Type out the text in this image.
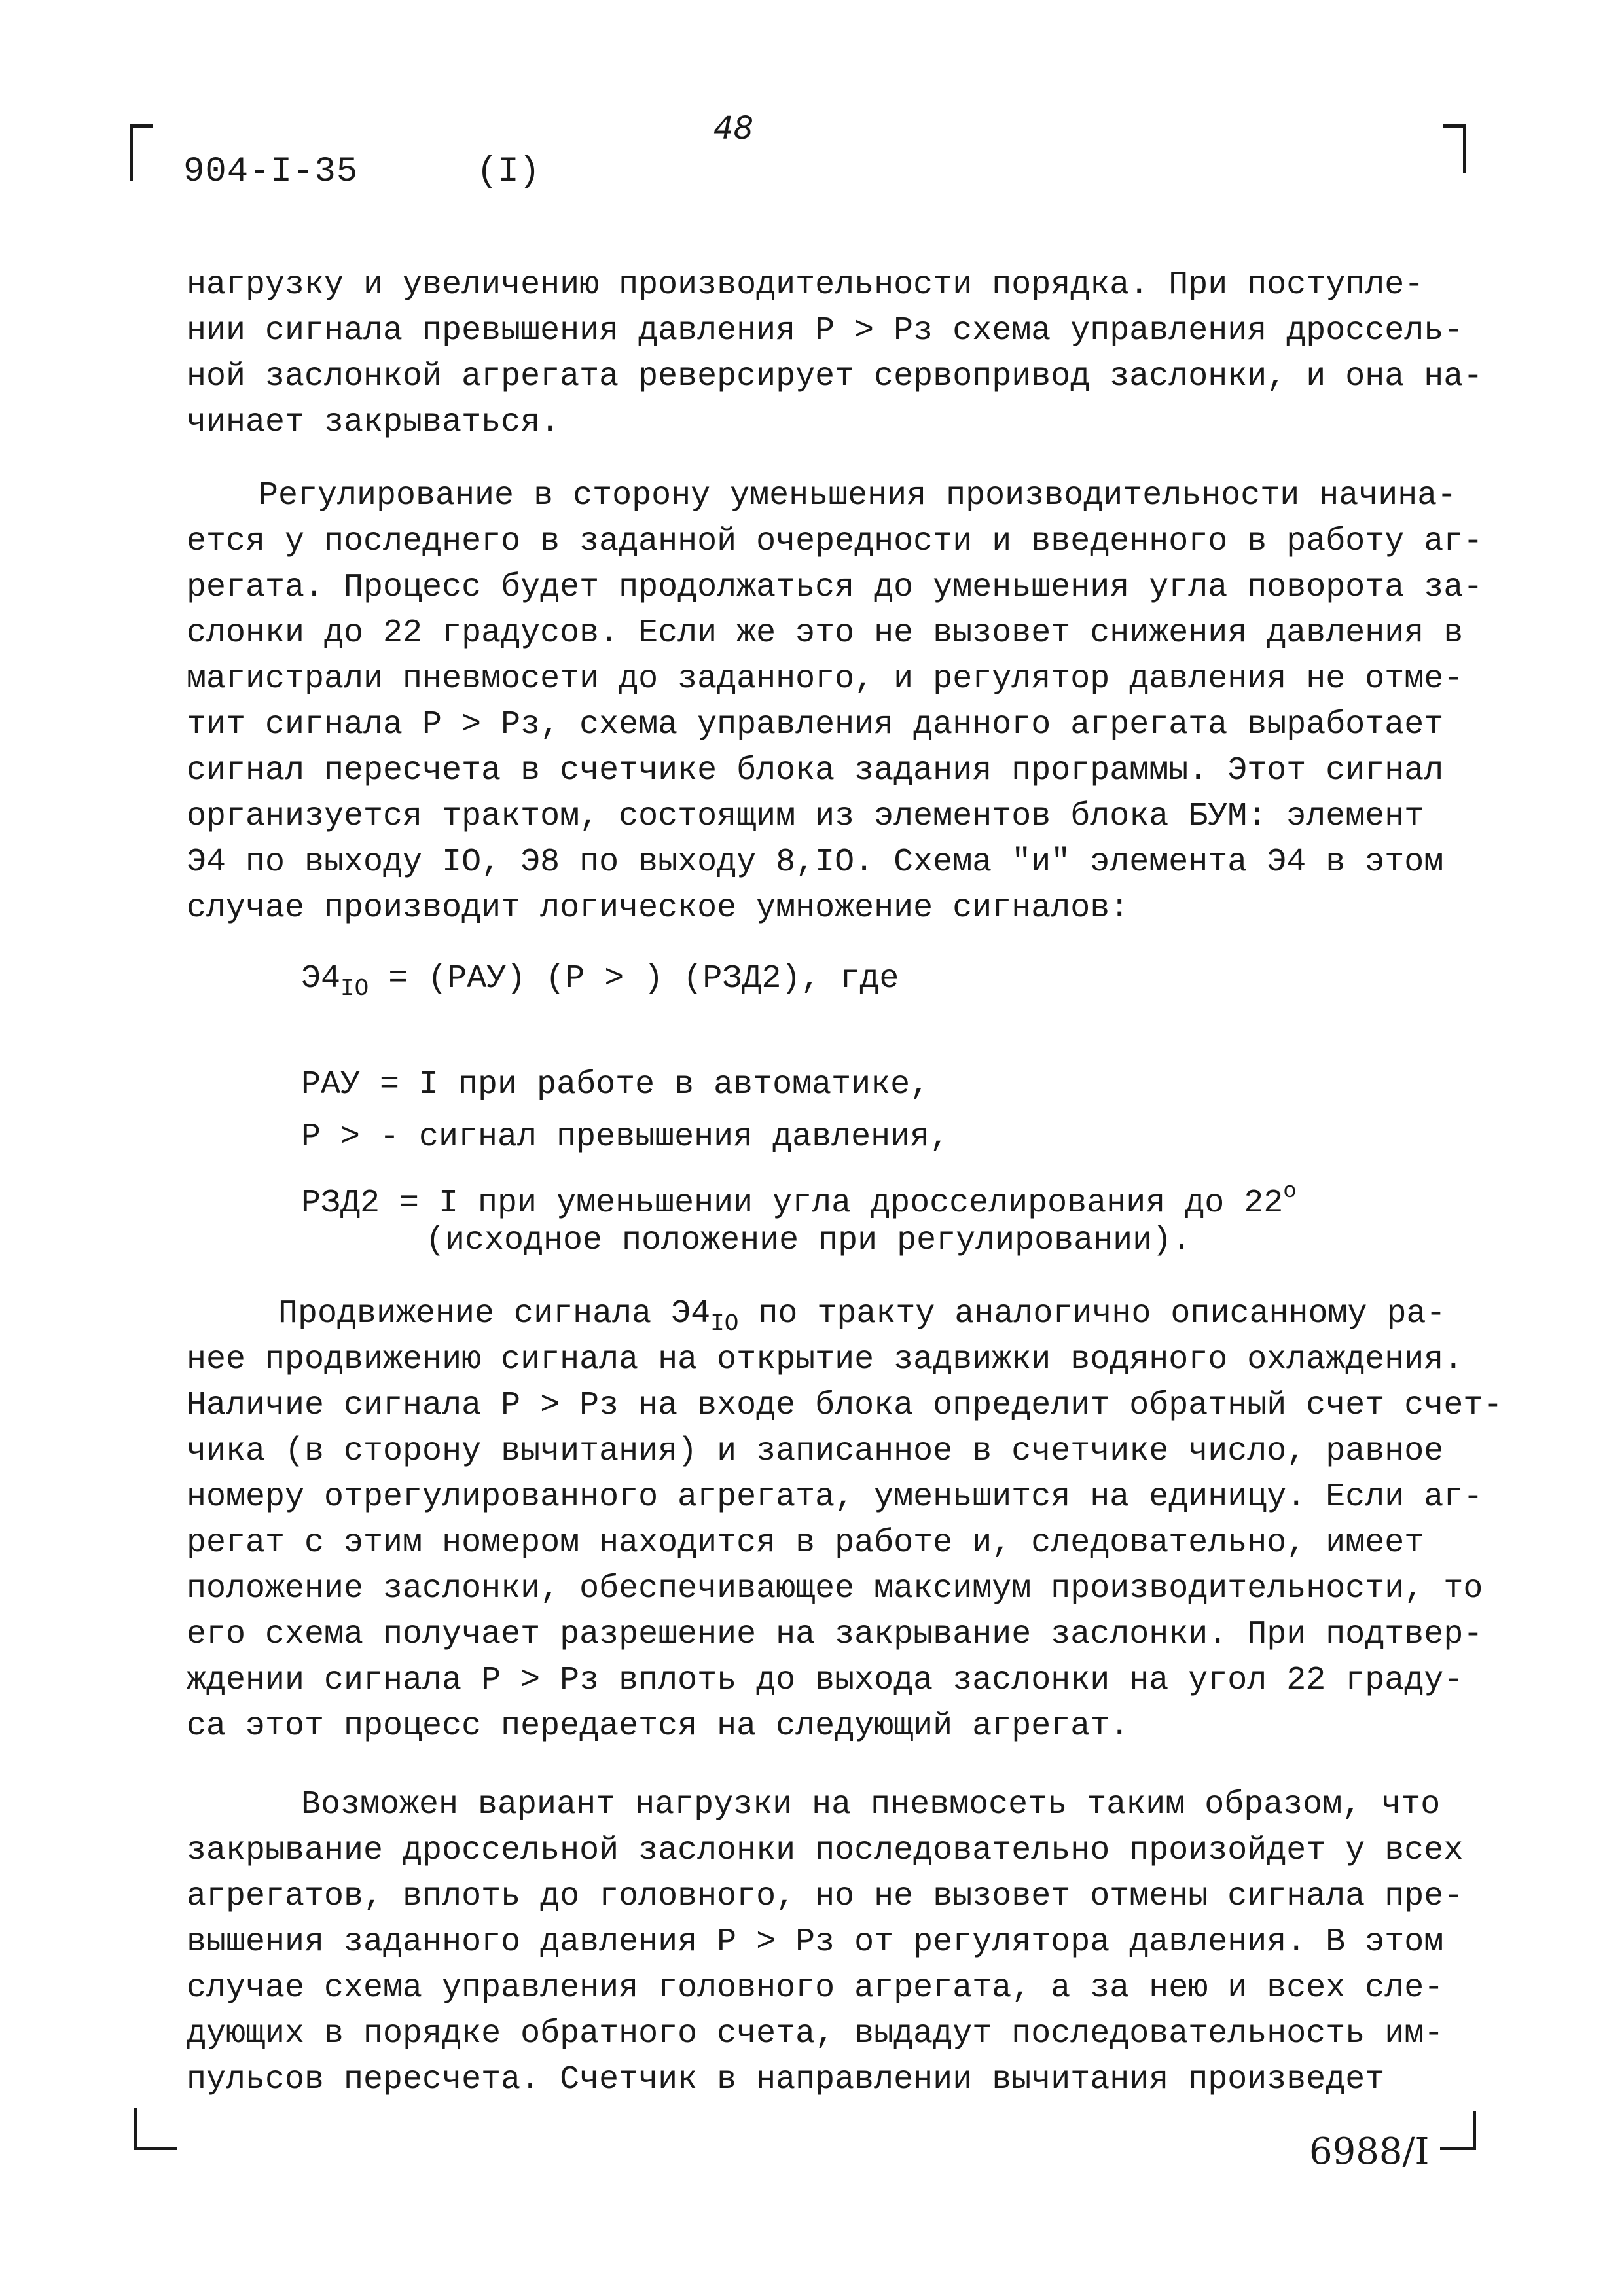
904-I-35	(I)
48
нагрузку и увеличению производительности порядка. При поступле-
нии сигнала превышения давления Р > Рз схема управления дроссель-
ной заслонкой агрегата реверсирует сервопривод заслонки, и она на-
чинает закрываться.
Регулирование в сторону уменьшения производительности начина-
ется у последнего в заданной очередности и введенного в работу аг-
регата. Процесс будет продолжаться до уменьшения угла поворота за-
слонки до 22 градусов. Если же это не вызовет снижения давления в
магистрали пневмосети до заданного, и регулятор давления не отме-
тит сигнала Р > Рз, схема управления данного агрегата выработает
сигнал пересчета в счетчике блока задания программы. Этот сигнал
организуется трактом, состоящим из элементов блока БУМ: элемент
Э4 по выходу IО, Э8 по выходу 8,IО. Схема "и" элемента Э4 в этом
случае производит логическое умножение сигналов:
$Э4_{IО} = (РАУ) (Р$ > ) (РЗД2), где
РАУ = I при работе в автоматике,
Р > - сигнал превышения давления,
РЗД2 = I при уменьшении угла дросселирования до $22^о$
(исходное положение при регулировании).
Продвижение сигнала $Э4_{IО}$ по тракту аналогично описанному ра-
нее продвижению сигнала на открытие задвижки водяного охлаждения.
Наличие сигнала Р > Рз на входе блока определит обратный счет счет-
чика (в сторону вычитания) и записанное в счетчике число, равное
номеру отрегулированного агрегата, уменьшится на единицу. Если аг-
регат с этим номером находится в работе и, следовательно, имеет
положение заслонки, обеспечивающее максимум производительности, то
его схема получает разрешение на закрывание заслонки. При подтвер-
ждении сигнала Р > Рз вплоть до выхода заслонки на угол 22 граду-
са этот процесс передается на следующий агрегат.
Возможен вариант нагрузки на пневмосеть таким образом, что
закрывание дроссельной заслонки последовательно произойдет у всех
агрегатов, вплоть до головного, но не вызовет отмены сигнала пре-
вышения заданного давления Р > Рз от регулятора давления. В этом
случае схема управления головного агрегата, а за нею и всех сле-
дующих в порядке обратного счета, выдадут последовательность им-
пульсов пересчета. Счетчик в направлении вычитания произведет
6988/I
